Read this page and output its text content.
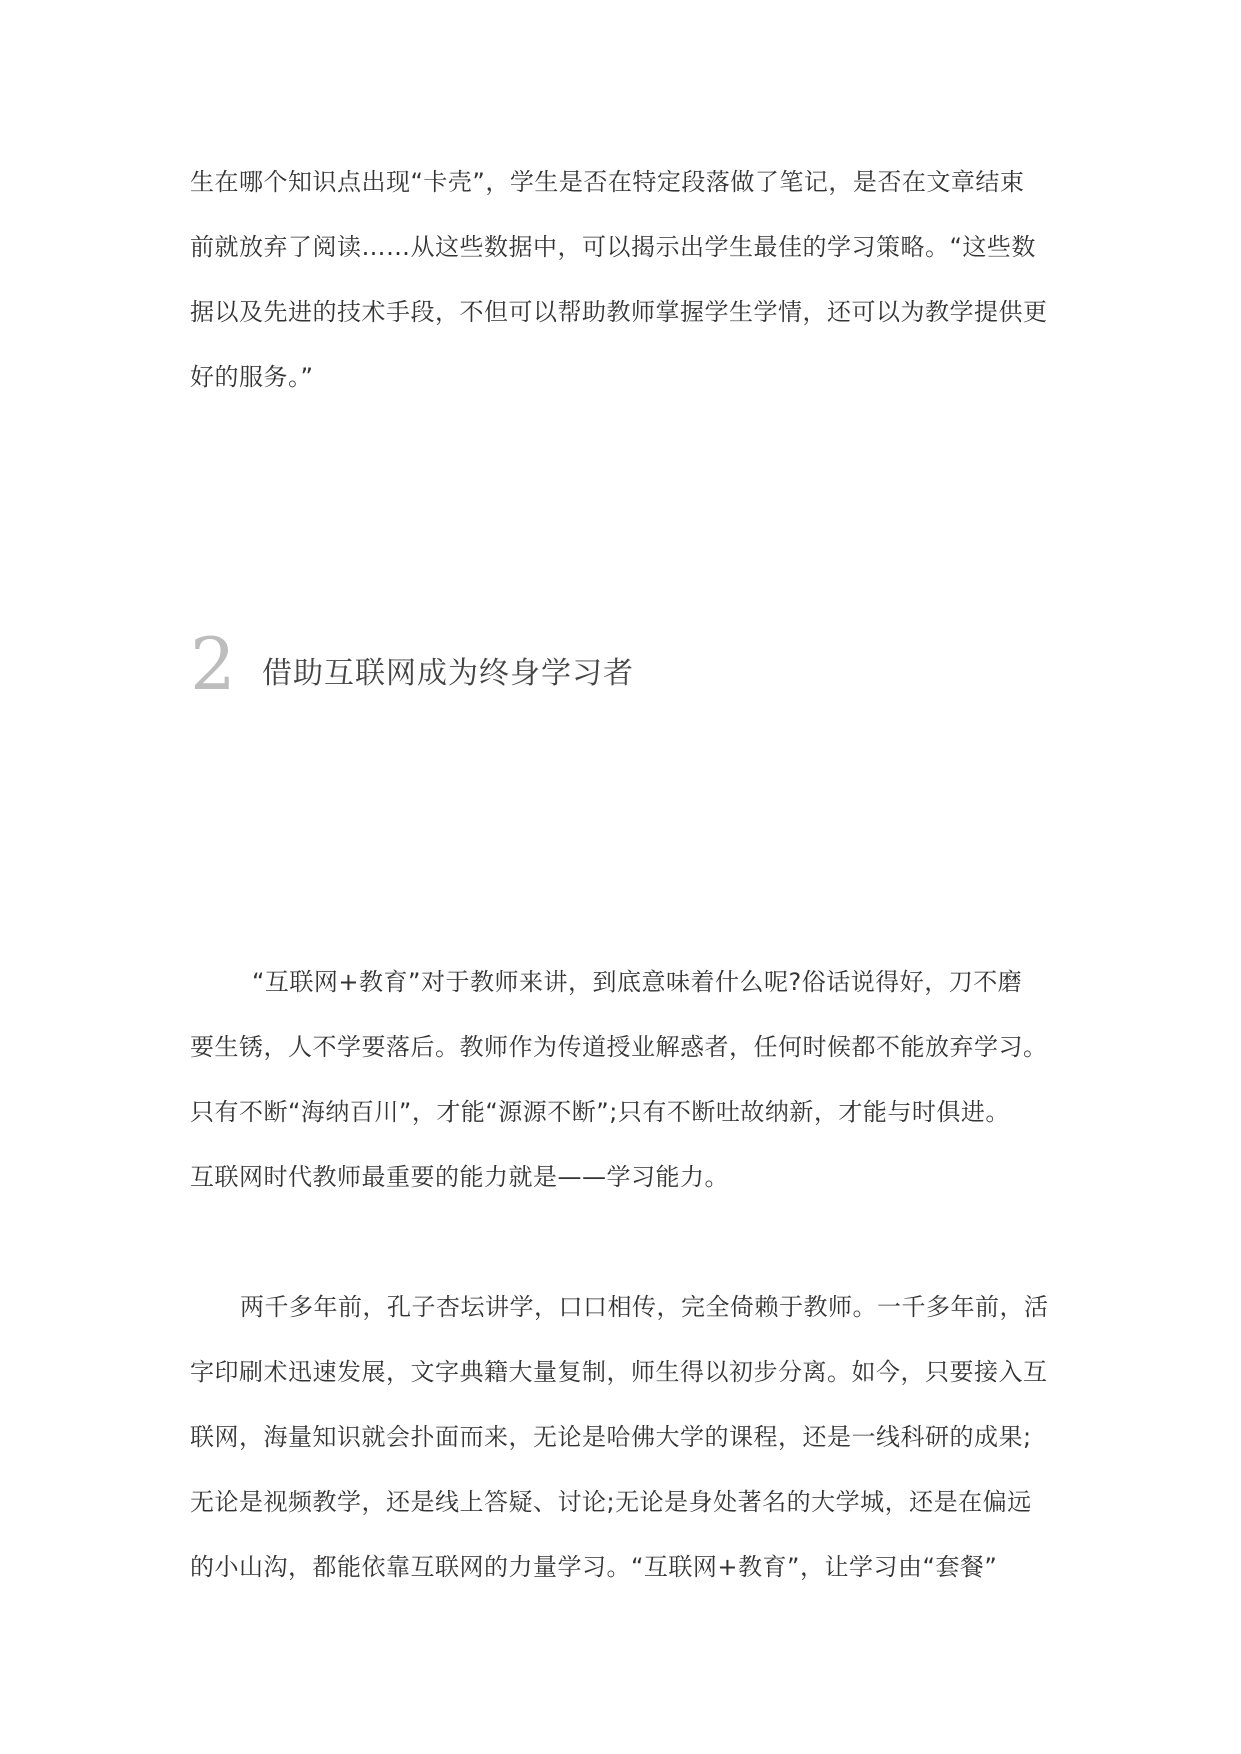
生在哪个知识点出现“卡壳”，学生是否在特定段落做了笔记，是否在文章结束
前就放弃了阅读……从这些数据中，可以揭示出学生最佳的学习策略。“这些数
据以及先进的技术手段，不但可以帮助教师掌握学生学情，还可以为教学提供更
好的服务。”
2 借助互联网成为终身学习者
“互联网+教育”对于教师来讲，到底意味着什么呢?俗话说得好，刀不磨
要生锈，人不学要落后。教师作为传道授业解惑者，任何时候都不能放弃学习。
只有不断“海纳百川”，才能“源源不断”;只有不断吐故纳新，才能与时俱进。
互联网时代教师最重要的能力就是——学习能力。
两千多年前，孔子杏坛讲学，口口相传，完全倚赖于教师。一千多年前，活
字印刷术迅速发展，文字典籍大量复制，师生得以初步分离。如今，只要接入互
联网，海量知识就会扑面而来，无论是哈佛大学的课程，还是一线科研的成果;
无论是视频教学，还是线上答疑、讨论;无论是身处著名的大学城，还是在偏远
的小山沟，都能依靠互联网的力量学习。“互联网+教育”，让学习由“套餐”
